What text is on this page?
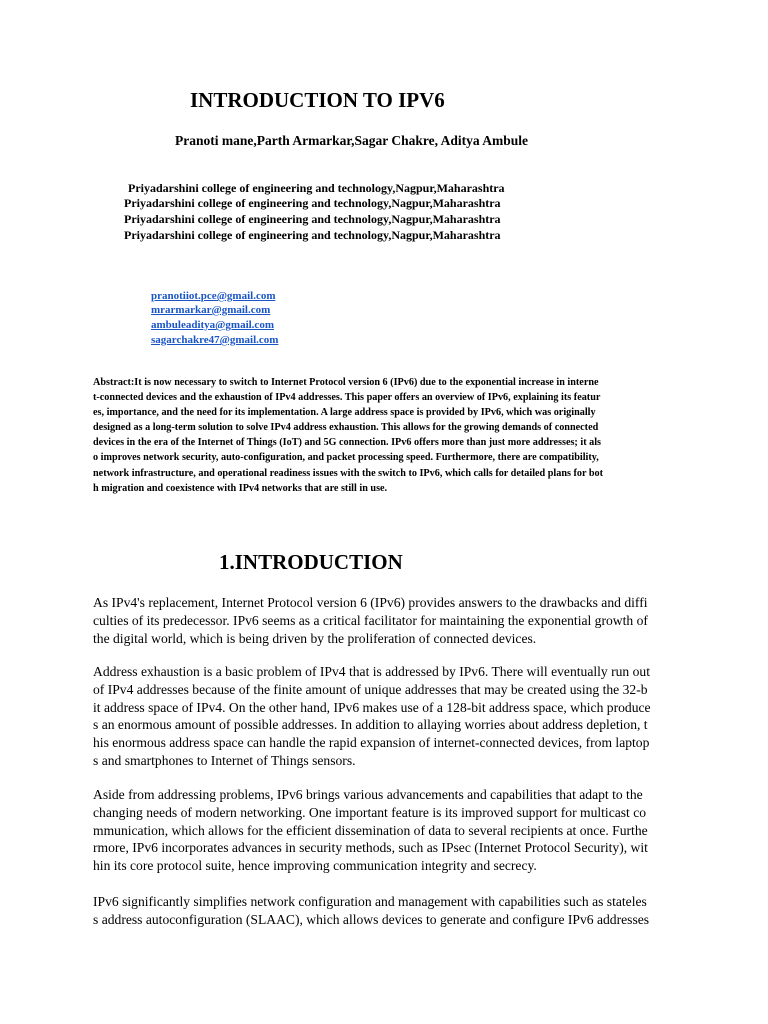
INTRODUCTION TO IPV6

Pranoti mane,Parth Armarkar,Sagar Chakre, Aditya Ambule

Priyadarshini college of engineering and technology,Nagpur,Maharashtra

Priyadarshini college of engineering and technology,Nagpur,Maharashtra

Priyadarshini college of engineering and technology,Nagpur,Maharashtra

Priyadarshini college of engineering and technology,Nagpur,Maharashtra

pranotiiot.pce@gmail.com
mrarmarkar@gmail.com
ambuleaditya@gmail.com
sagarchakre47@gmail.com
Abstract:It is now necessary to switch to Internet Protocol version 6 (IPv6) due to the exponential increase in interne
t-connected devices and the exhaustion of IPv4 addresses. This paper offers an overview of IPv6, explaining its featur
es, importance, and the need for its implementation. A large address space is provided by IPv6, which was originally
designed as a long-term solution to solve IPv4 address exhaustion. This allows for the growing demands of connected
devices in the era of the Internet of Things (IoT) and 5G connection. IPv6 offers more than just more addresses; it als
o improves network security, auto-configuration, and packet processing speed. Furthermore, there are compatibility,
network infrastructure, and operational readiness issues with the switch to IPv6, which calls for detailed plans for bot
h migration and coexistence with IPv4 networks that are still in use.
1.INTRODUCTION
As IPv4's replacement, Internet Protocol version 6 (IPv6) provides answers to the drawbacks and diffi
culties of its predecessor. IPv6 seems as a critical facilitator for maintaining the exponential growth of
the digital world, which is being driven by the proliferation of connected devices.
Address exhaustion is a basic problem of IPv4 that is addressed by IPv6. There will eventually run out
of IPv4 addresses because of the finite amount of unique addresses that may be created using the 32-b
it address space of IPv4. On the other hand, IPv6 makes use of a 128-bit address space, which produce
s an enormous amount of possible addresses. In addition to allaying worries about address depletion, t
his enormous address space can handle the rapid expansion of internet-connected devices, from laptop
s and smartphones to Internet of Things sensors.
Aside from addressing problems, IPv6 brings various advancements and capabilities that adapt to the
changing needs of modern networking. One important feature is its improved support for multicast co
mmunication, which allows for the efficient dissemination of data to several recipients at once. Furthe
rmore, IPv6 incorporates advances in security methods, such as IPsec (Internet Protocol Security), wit
hin its core protocol suite, hence improving communication integrity and secrecy.
IPv6 significantly simplifies network configuration and management with capabilities such as stateles
s address autoconfiguration (SLAAC), which allows devices to generate and configure IPv6 addresses
